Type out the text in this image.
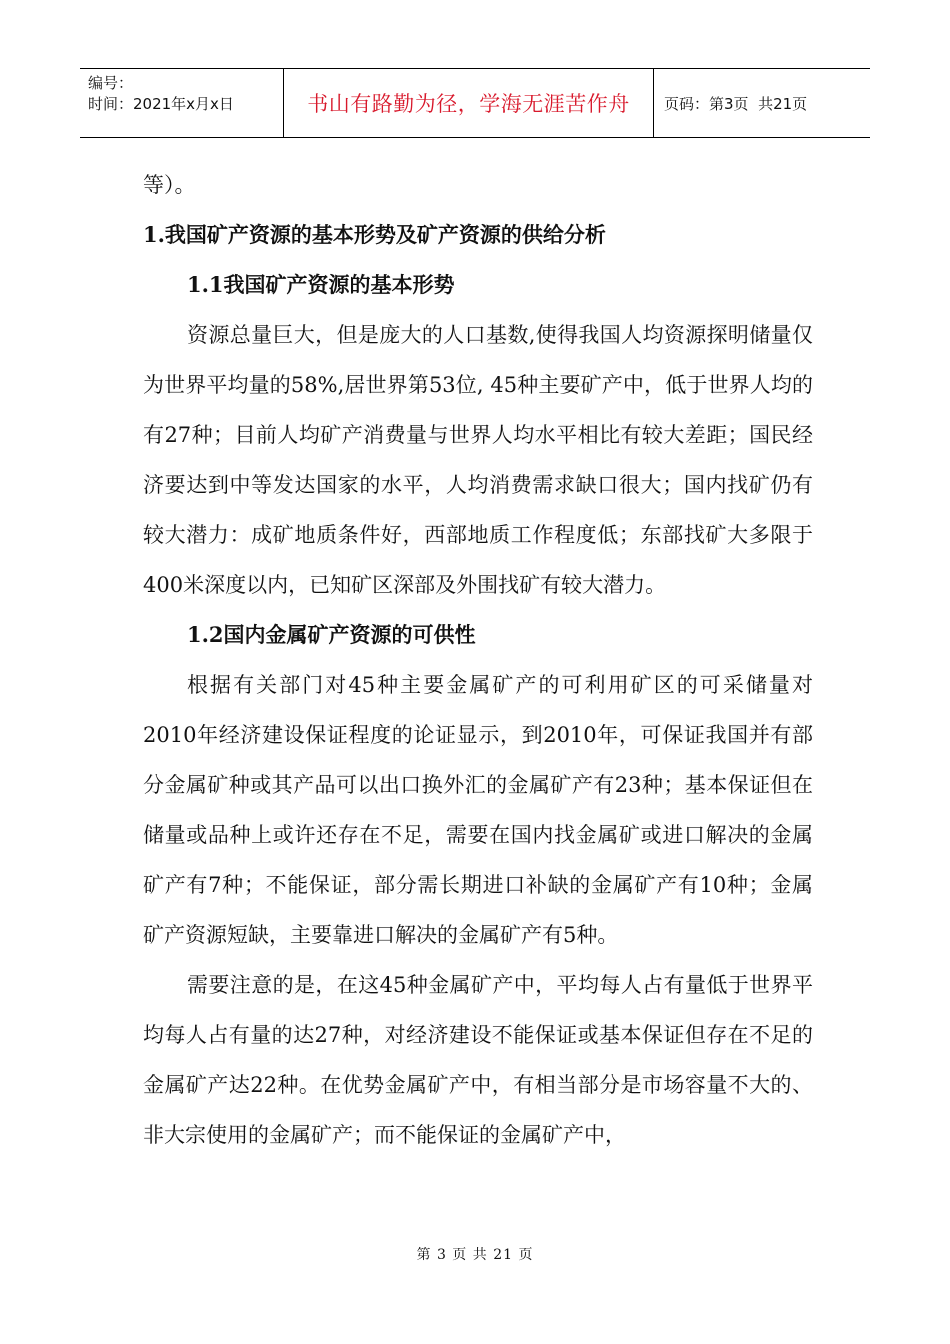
编号：
时间：2021年x月x日	书山有路勤为径，学海无涯苦作舟	页码：第3页  共21页

等）。

1.我国矿产资源的基本形势及矿产资源的供给分析

1.1我国矿产资源的基本形势

资源总量巨大，但是庞大的人口基数,使得我国人均资源探明储量仅为世界平均量的58%,居世界第53位, 45种主要矿产中，低于世界人均的有27种；目前人均矿产消费量与世界人均水平相比有较大差距；国民经济要达到中等发达国家的水平，人均消费需求缺口很大；国内找矿仍有较大潜力：成矿地质条件好，西部地质工作程度低；东部找矿大多限于400米深度以内，已知矿区深部及外围找矿有较大潜力。

1.2国内金属矿产资源的可供性

根据有关部门对45种主要金属矿产的可利用矿区的可采储量对2010年经济建设保证程度的论证显示，到2010年，可保证我国并有部分金属矿种或其产品可以出口换外汇的金属矿产有23种；基本保证但在储量或品种上或许还存在不足，需要在国内找金属矿或进口解决的金属矿产有7种；不能保证，部分需长期进口补缺的金属矿产有10种；金属矿产资源短缺，主要靠进口解决的金属矿产有5种。

需要注意的是，在这45种金属矿产中，平均每人占有量低于世界平均每人占有量的达27种，对经济建设不能保证或基本保证但存在不足的金属矿产达22种。在优势金属矿产中，有相当部分是市场容量不大的、非大宗使用的金属矿产；而不能保证的金属矿产中，

第 3 页 共 21 页
